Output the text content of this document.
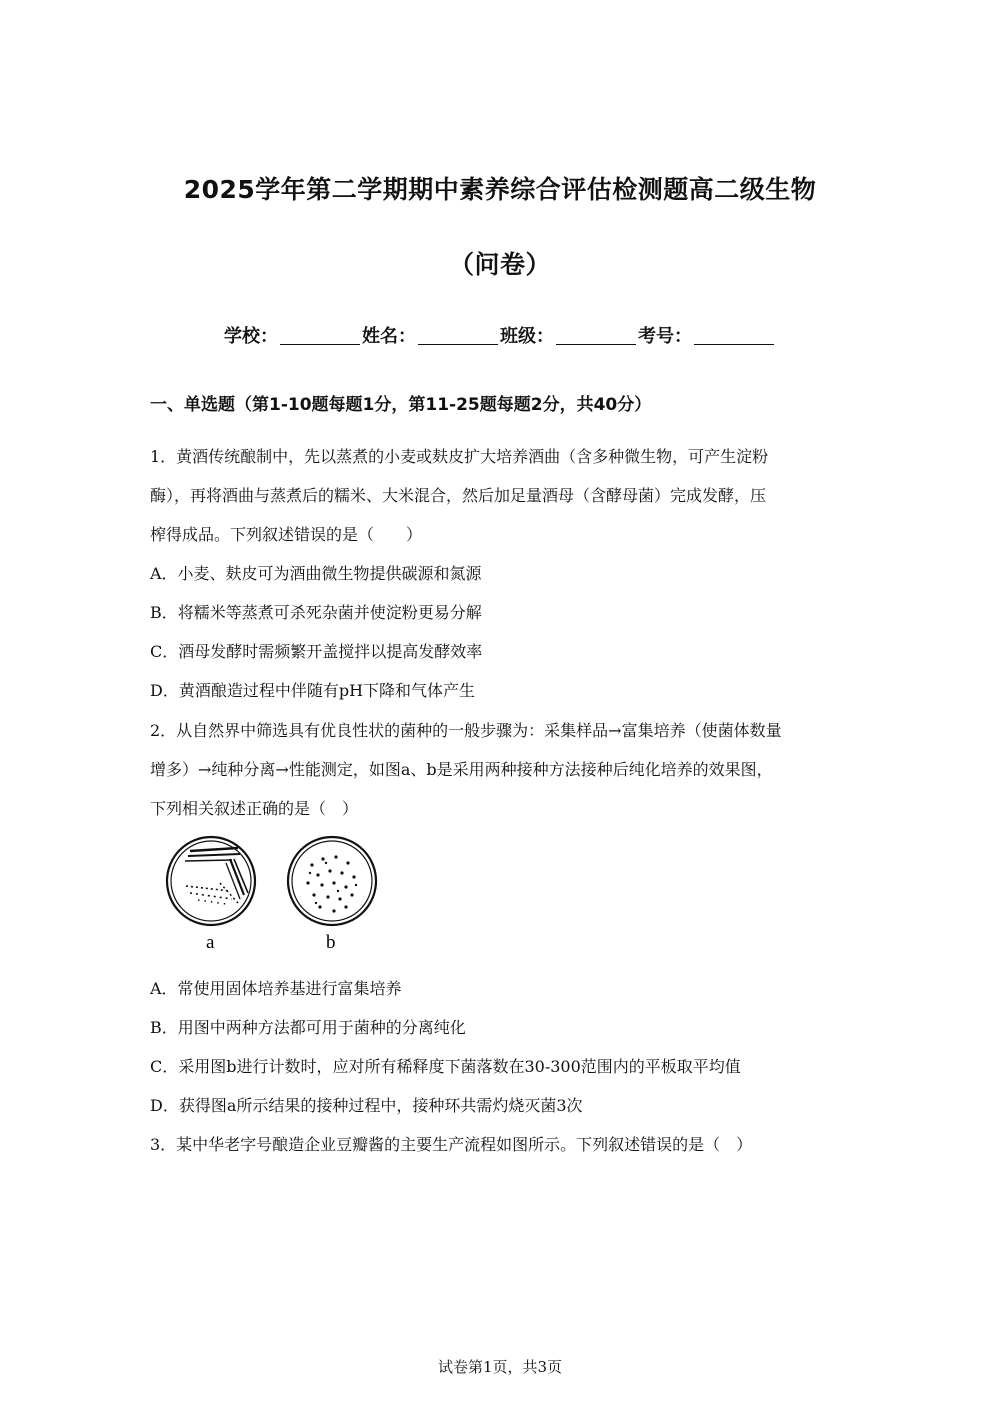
2025学年第二学期期中素养综合评估检测题高二级生物
（问卷）
学校：	姓名：	班级：	考号：
一、单选题（第1-10题每题1分，第11-25题每题2分，共40分）
1．黄酒传统酿制中，先以蒸煮的小麦或麸皮扩大培养酒曲（含多种微生物，可产生淀粉
酶），再将酒曲与蒸煮后的糯米、大米混合，然后加足量酒母（含酵母菌）完成发酵，压
榨得成品。下列叙述错误的是（　　）
A．小麦、麸皮可为酒曲微生物提供碳源和氮源
B．将糯米等蒸煮可杀死杂菌并使淀粉更易分解
C．酒母发酵时需频繁开盖搅拌以提高发酵效率
D．黄酒酿造过程中伴随有pH下降和气体产生
2．从自然界中筛选具有优良性状的菌种的一般步骤为：采集样品→富集培养（使菌体数量
增多）→纯种分离→性能测定，如图a、b是采用两种接种方法接种后纯化培养的效果图，
下列相关叙述正确的是（　）
a	b
A．常使用固体培养基进行富集培养
B．用图中两种方法都可用于菌种的分离纯化
C．采用图b进行计数时，应对所有稀释度下菌落数在30-300范围内的平板取平均值
D．获得图a所示结果的接种过程中，接种环共需灼烧灭菌3次
3．某中华老字号酿造企业豆瓣酱的主要生产流程如图所示。下列叙述错误的是（　）
试卷第1页，共3页
